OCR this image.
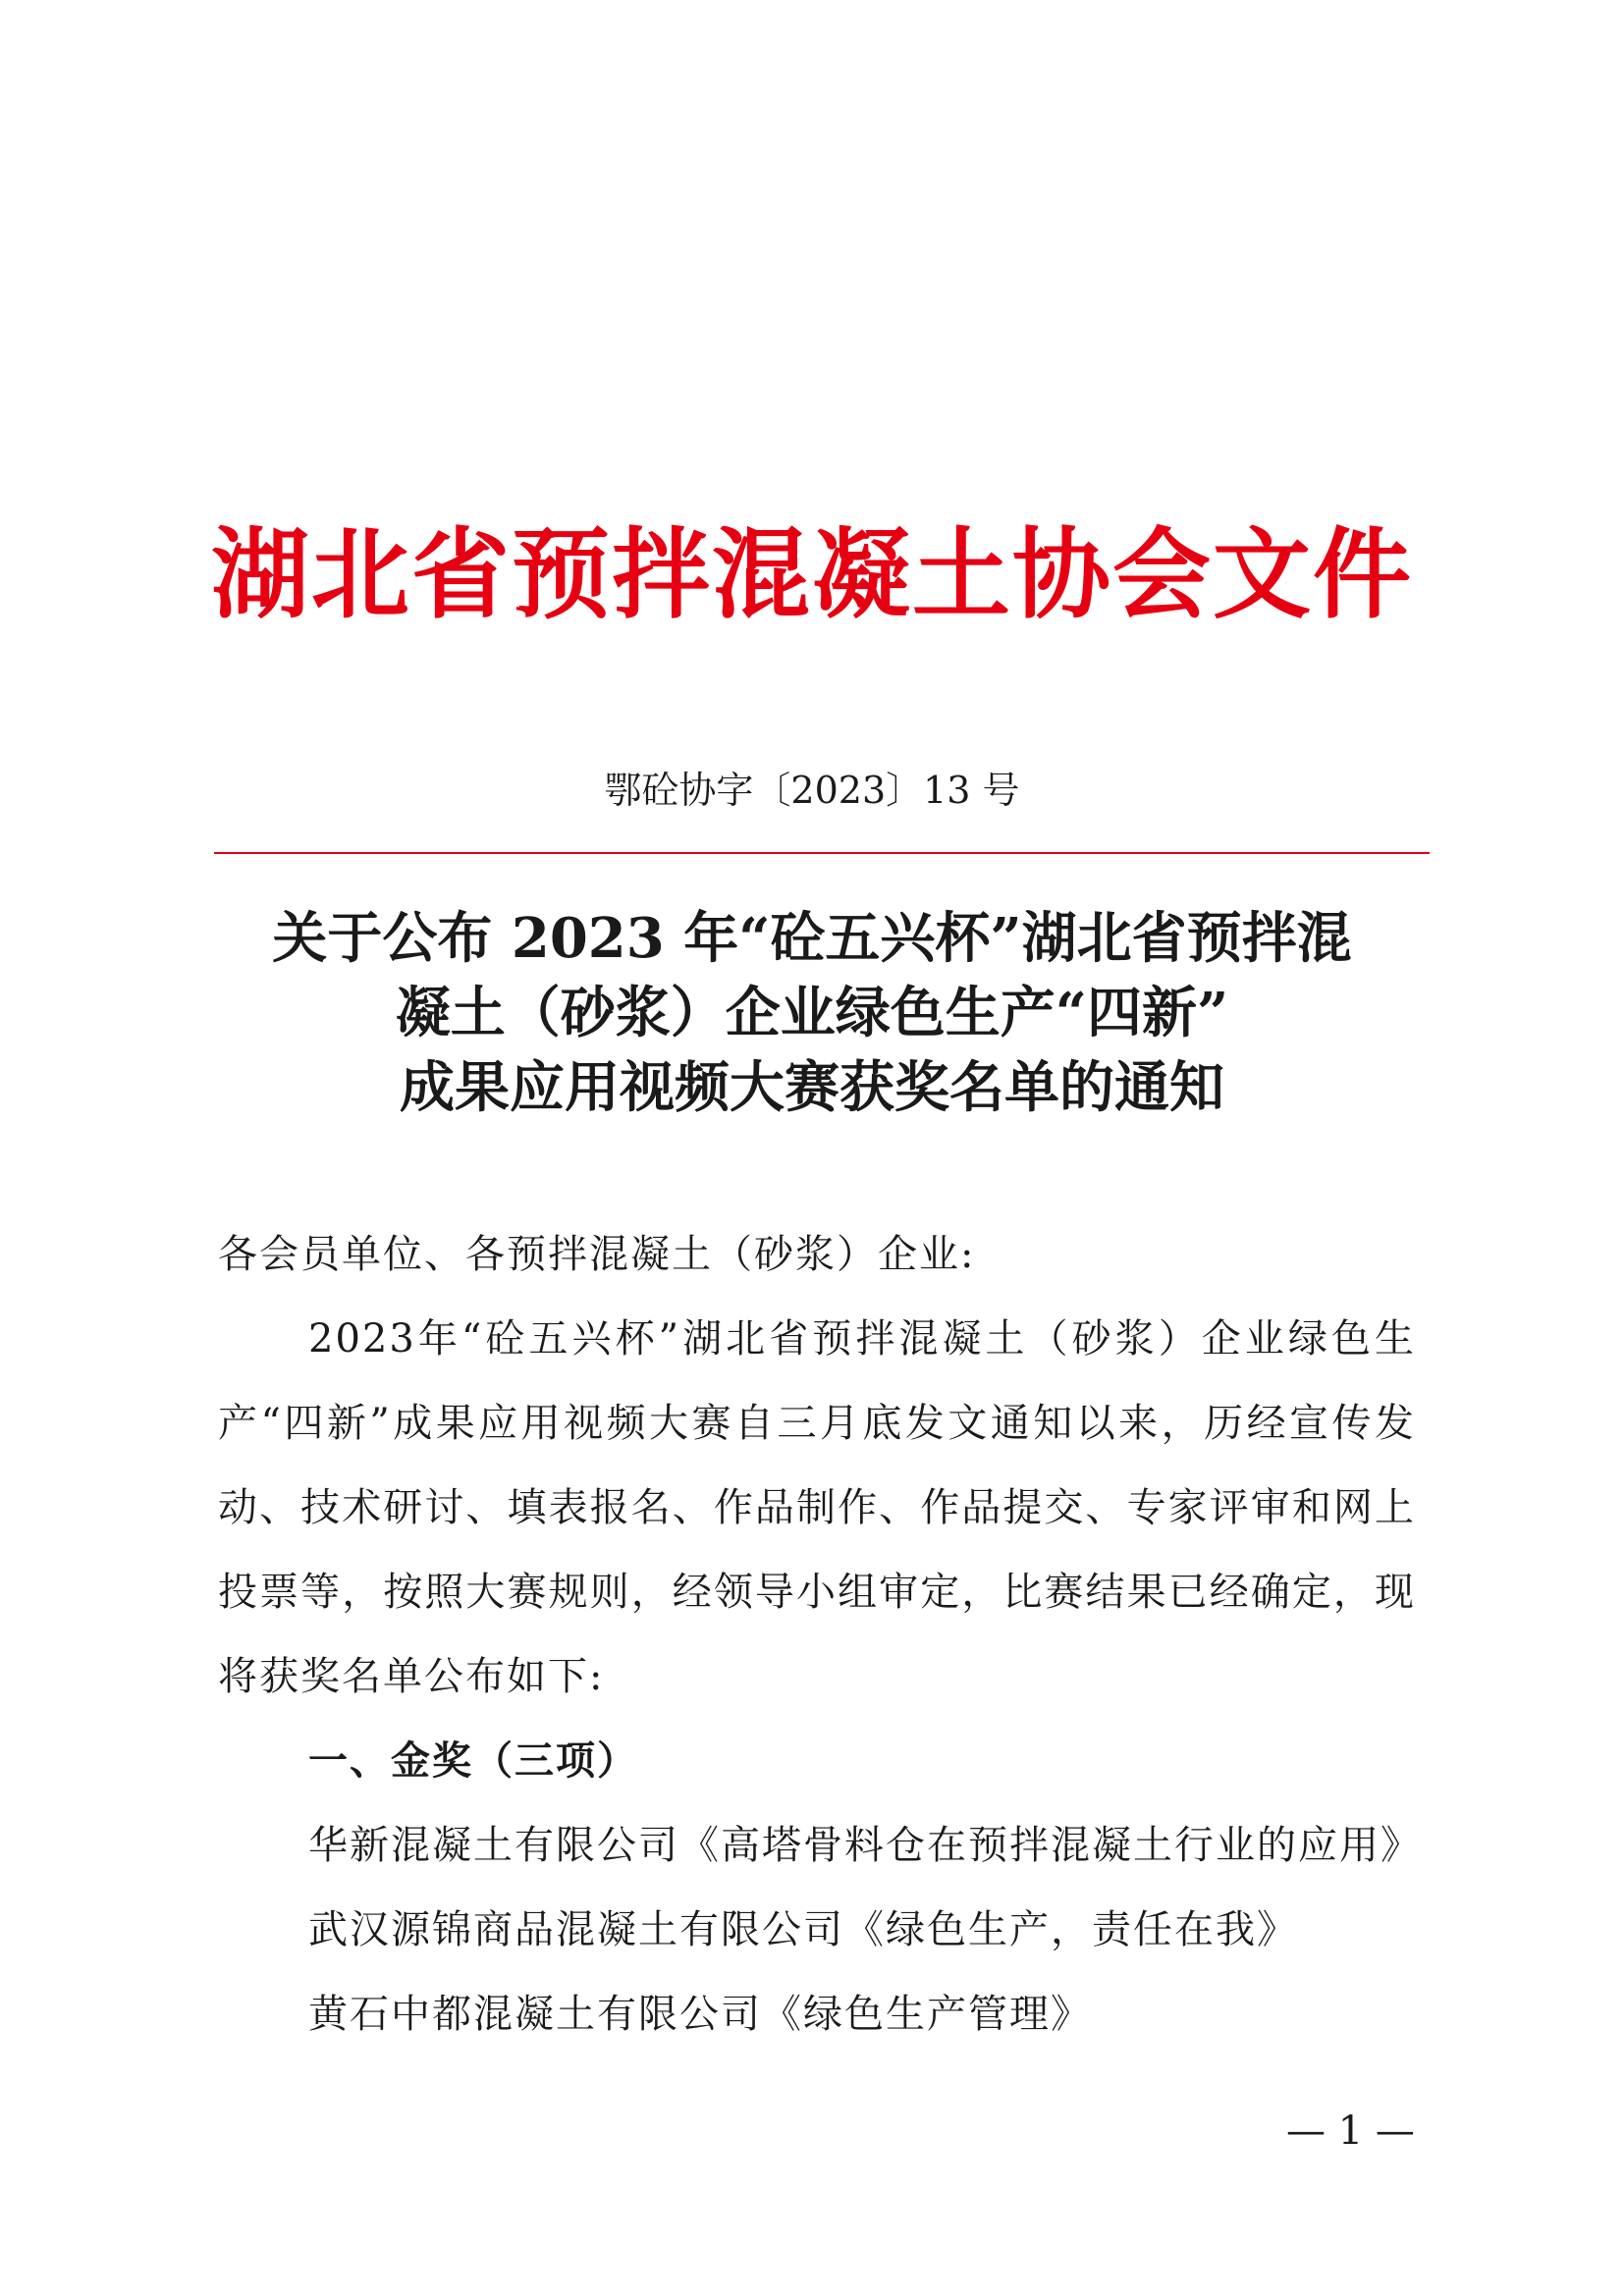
湖北省预拌混凝土协会文件
鄂砼协字〔2023〕13 号
关于公布 2023 年“砼五兴杯”湖北省预拌混
凝土（砂浆）企业绿色生产“四新”
成果应用视频大赛获奖名单的通知

各会员单位、各预拌混凝土（砂浆）企业:

2023年“砼五兴杯”湖北省预拌混凝土（砂浆）企业绿色生产“四新”成果应用视频大赛自三月底发文通知以来，历经宣传发动、技术研讨、填表报名、作品制作、作品提交、专家评审和网上投票等，按照大赛规则，经领导小组审定，比赛结果已经确定，现将获奖名单公布如下:

一、金奖（三项）

华新混凝土有限公司《高塔骨料仓在预拌混凝土行业的应用》

武汉源锦商品混凝土有限公司《绿色生产，责任在我》

黄石中都混凝土有限公司《绿色生产管理》

— 1 —
